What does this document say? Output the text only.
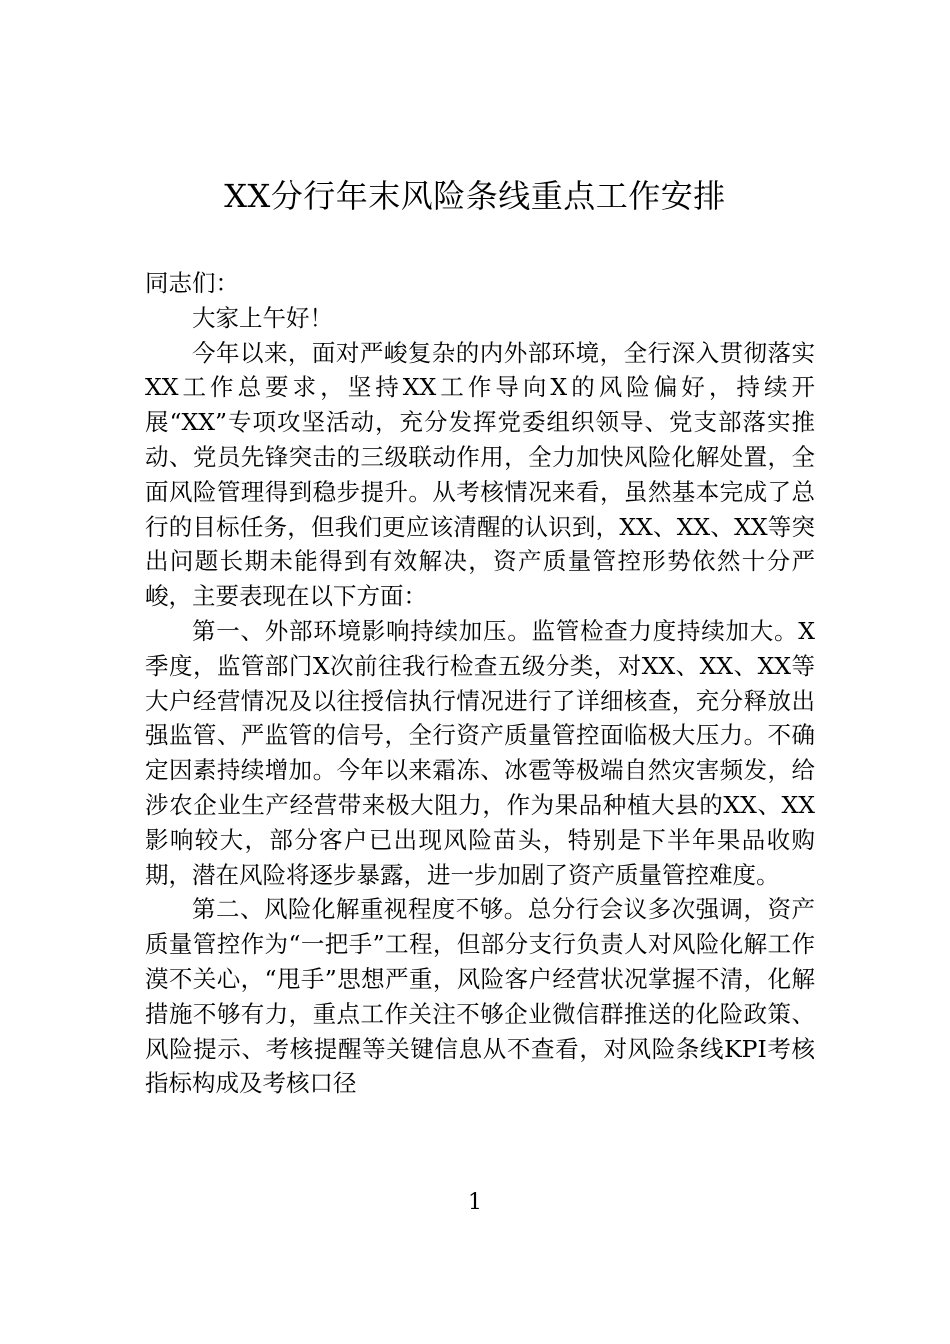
XX分行年末风险条线重点工作安排

同志们：

大家上午好！

今年以来，面对严峻复杂的内外部环境，全行深入贯彻落实XX工作总要求，坚持XX工作导向X的风险偏好，持续开展“XX”专项攻坚活动，充分发挥党委组织领导、党支部落实推动、党员先锋突击的三级联动作用，全力加快风险化解处置，全面风险管理得到稳步提升。从考核情况来看，虽然基本完成了总行的目标任务，但我们更应该清醒的认识到，XX、XX、XX等突出问题长期未能得到有效解决，资产质量管控形势依然十分严峻，主要表现在以下方面：

第一、外部环境影响持续加压。监管检查力度持续加大。X季度，监管部门X次前往我行检查五级分类，对XX、XX、XX等大户经营情况及以往授信执行情况进行了详细核查，充分释放出强监管、严监管的信号，全行资产质量管控面临极大压力。不确定因素持续增加。今年以来霜冻、冰雹等极端自然灾害频发，给涉农企业生产经营带来极大阻力，作为果品种植大县的XX、XX影响较大，部分客户已出现风险苗头，特别是下半年果品收购期，潜在风险将逐步暴露，进一步加剧了资产质量管控难度。

第二、风险化解重视程度不够。总分行会议多次强调，资产质量管控作为“一把手”工程，但部分支行负责人对风险化解工作漠不关心，“甩手”思想严重，风险客户经营状况掌握不清，化解措施不够有力，重点工作关注不够企业微信群推送的化险政策、风险提示、考核提醒等关键信息从不查看，对风险条线KPI考核指标构成及考核口径

1
